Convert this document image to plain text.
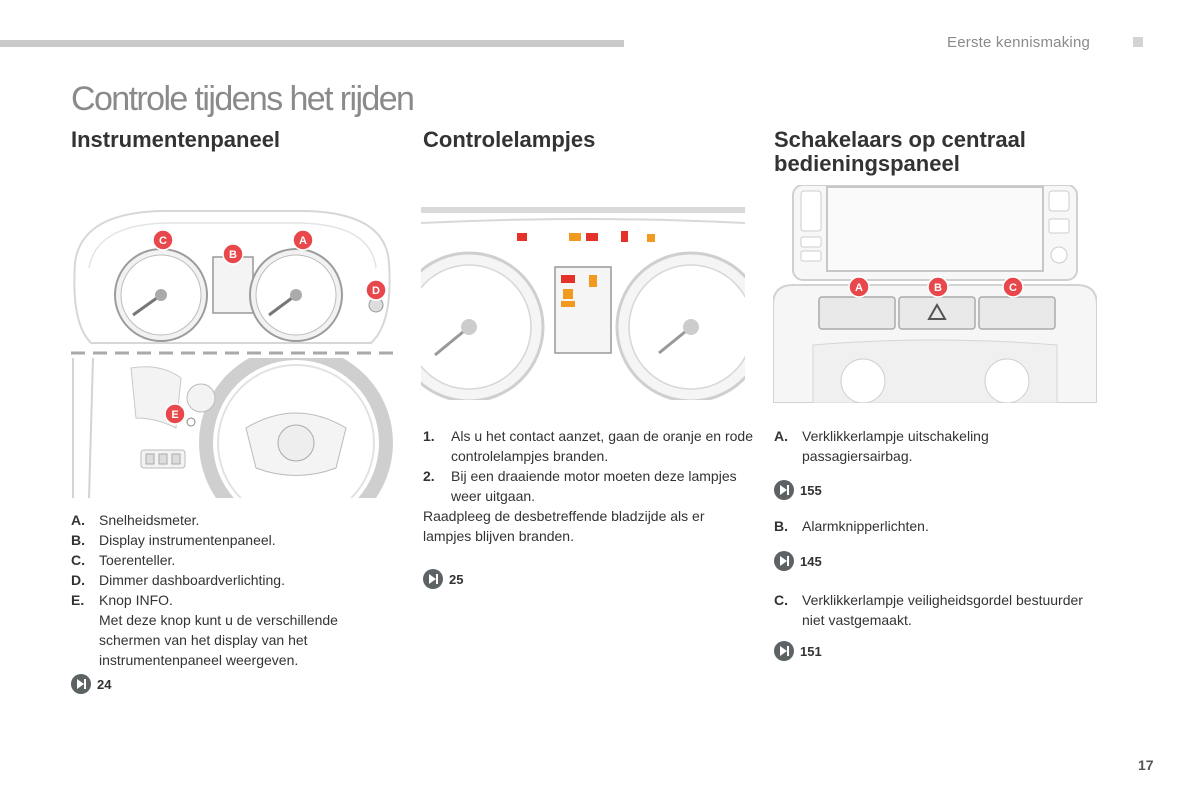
Eerste kennismaking
Controle tijdens het rijden
Instrumentenpaneel	Controlelampjes	Schakelaars op centraal bedieningspaneel
C
B
A
D
E
A	B	C
A.	Snelheidsmeter.
B.	Display instrumentenpaneel.
C.	Toerenteller.
D.	Dimmer dashboardverlichting.
E.	Knop INFO.
Met deze knop kunt u de verschillende schermen van het display van het instrumentenpaneel weergeven.
24
1.	Als u het contact aanzet, gaan de oranje en rode controlelampjes branden.
2.	Bij een draaiende motor moeten deze lampjes weer uitgaan.
Raadpleeg de desbetreffende bladzijde als er lampjes blijven branden.
25
A.	Verklikkerlampje uitschakeling passagiersairbag.
B.	Alarmknipperlichten.
C.	Verklikkerlampje veiligheidsgordel bestuurder niet vastgemaakt.
155
145
151
17
